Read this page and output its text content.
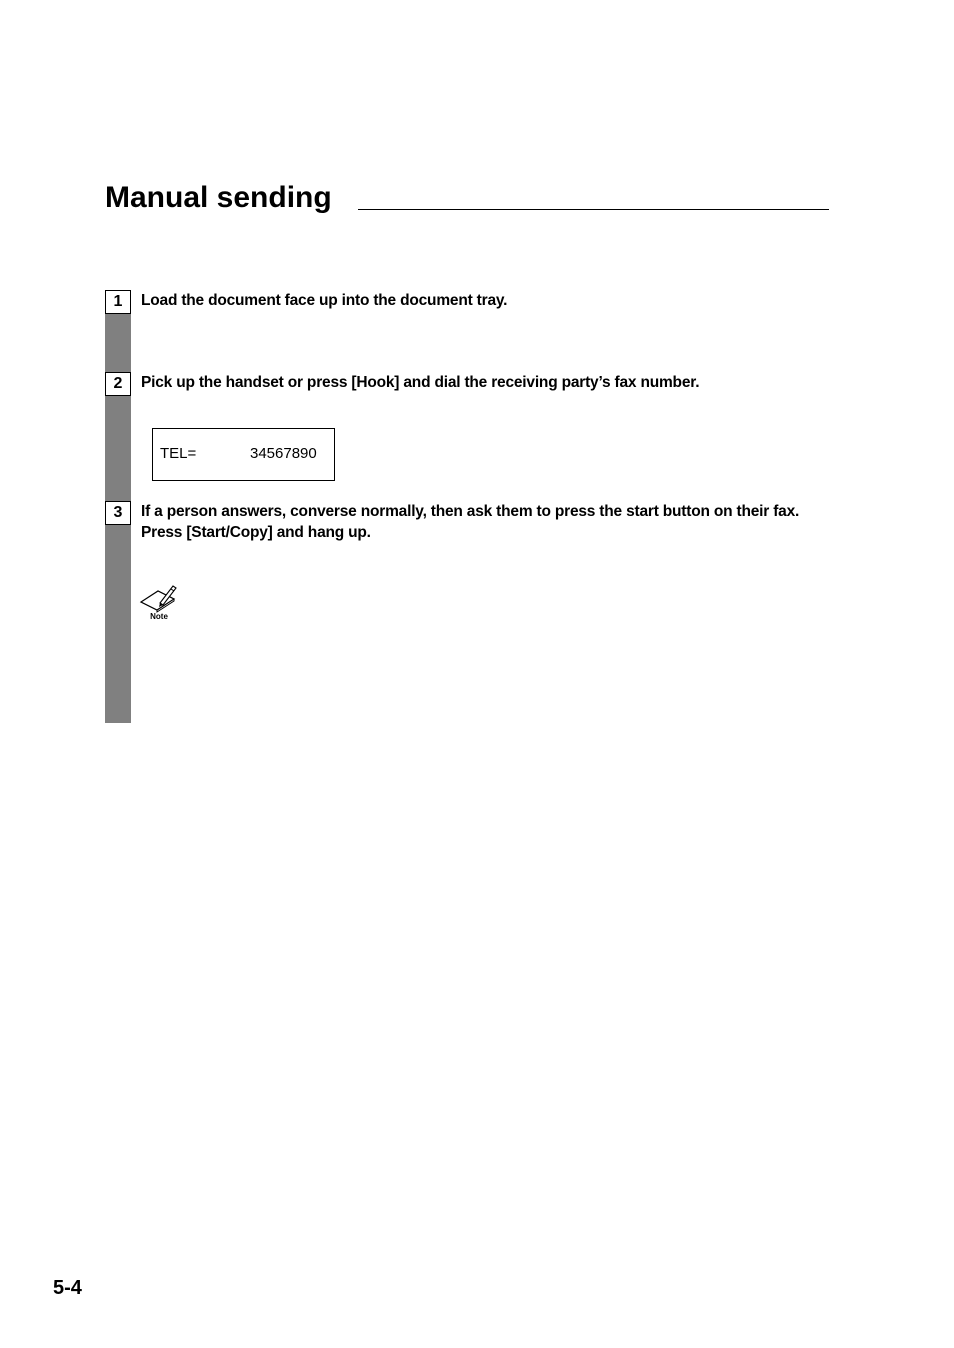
Manual sending
1	Load the document face up into the document tray.
2	Pick up the handset or press [Hook] and dial the receiving party’s fax number.
TEL=	34567890
3	If a person answers, converse normally, then ask them to press the start button on their fax. Press [Start/Copy] and hang up.
Note
5-4
